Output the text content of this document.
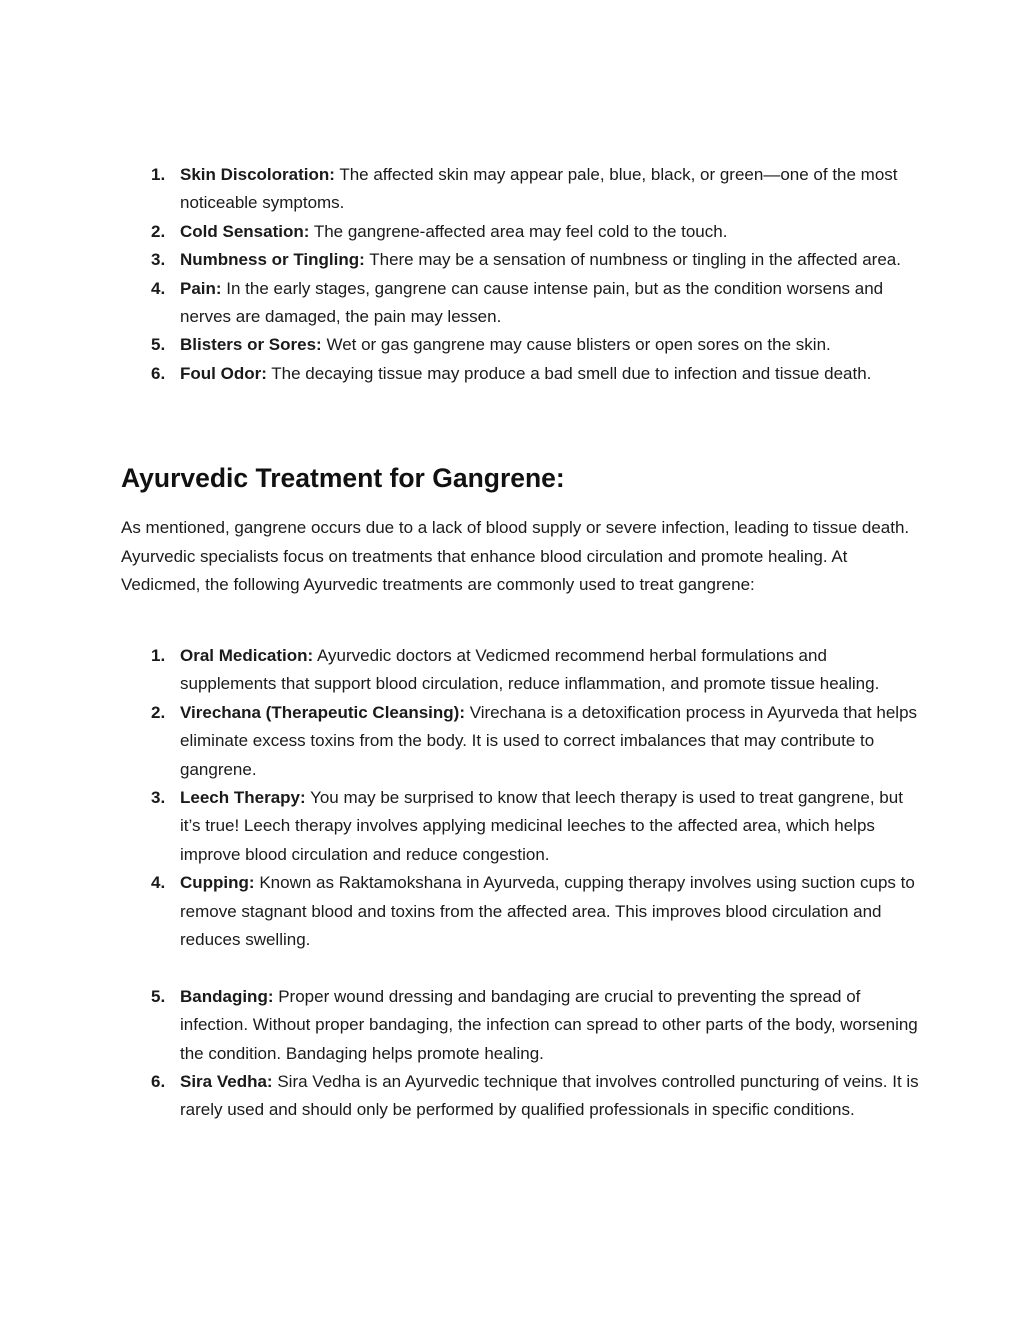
1. Skin Discoloration: The affected skin may appear pale, blue, black, or green—one of the most noticeable symptoms.
2. Cold Sensation: The gangrene-affected area may feel cold to the touch.
3. Numbness or Tingling: There may be a sensation of numbness or tingling in the affected area.
4. Pain: In the early stages, gangrene can cause intense pain, but as the condition worsens and nerves are damaged, the pain may lessen.
5. Blisters or Sores: Wet or gas gangrene may cause blisters or open sores on the skin.
6. Foul Odor: The decaying tissue may produce a bad smell due to infection and tissue death.
Ayurvedic Treatment for Gangrene:

As mentioned, gangrene occurs due to a lack of blood supply or severe infection, leading to tissue death. Ayurvedic specialists focus on treatments that enhance blood circulation and promote healing. At Vedicmed, the following Ayurvedic treatments are commonly used to treat gangrene:

1. Oral Medication: Ayurvedic doctors at Vedicmed recommend herbal formulations and supplements that support blood circulation, reduce inflammation, and promote tissue healing.
2. Virechana (Therapeutic Cleansing): Virechana is a detoxification process in Ayurveda that helps eliminate excess toxins from the body. It is used to correct imbalances that may contribute to gangrene.
3. Leech Therapy: You may be surprised to know that leech therapy is used to treat gangrene, but it’s true! Leech therapy involves applying medicinal leeches to the affected area, which helps improve blood circulation and reduce congestion.
4. Cupping: Known as Raktamokshana in Ayurveda, cupping therapy involves using suction cups to remove stagnant blood and toxins from the affected area. This improves blood circulation and reduces swelling.
5. Bandaging: Proper wound dressing and bandaging are crucial to preventing the spread of infection. Without proper bandaging, the infection can spread to other parts of the body, worsening the condition. Bandaging helps promote healing.
6. Sira Vedha: Sira Vedha is an Ayurvedic technique that involves controlled puncturing of veins. It is rarely used and should only be performed by qualified professionals in specific conditions.
